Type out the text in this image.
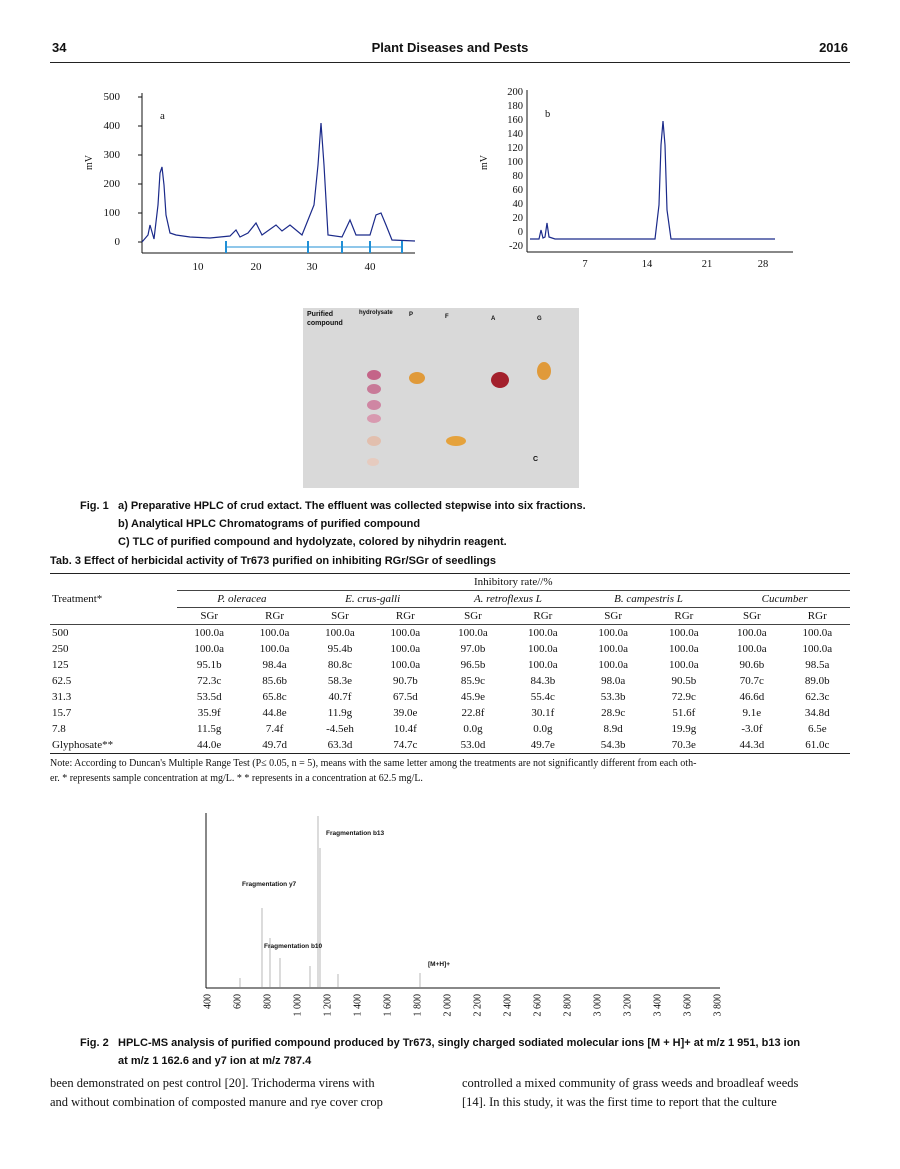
34	Plant Diseases and Pests	2016
500
400
300
200
100
0
10	20	30	40
a
mV
200
180
160
140
120
100
80
60
40
20
0
-20
7	14	21	28
b
mV
Purified compound
hydrolysate	P	F	A	G
C
Fig. 1 a) Preparative HPLC of crud extact. The effluent was collected stepwise into six fractions.
b) Analytical HPLC Chromatograms of purified compound
C) TLC of purified compound and hydolyzate, colored by nihydrin reagent.
Tab. 3 Effect of herbicidal activity of Tr673 purified on inhibiting RGr/SGr of seedlings
Treatment*	Inhibitory rate//%									
	P. oleracea		E. crus-galli		A. retroflexus L		B. campestris L		Cucumber	
	SGr	RGr	SGr	RGr	SGr	RGr	SGr	RGr	SGr	RGr
500	100.0a	100.0a	100.0a	100.0a	100.0a	100.0a	100.0a	100.0a	100.0a	100.0a
250	100.0a	100.0a	95.4b	100.0a	97.0b	100.0a	100.0a	100.0a	100.0a	100.0a
125	95.1b	98.4a	80.8c	100.0a	96.5b	100.0a	100.0a	100.0a	90.6b	98.5a
62.5	72.3c	85.6b	58.3e	90.7b	85.9c	84.3b	98.0a	90.5b	70.7c	89.0b
31.3	53.5d	65.8c	40.7f	67.5d	45.9e	55.4c	53.3b	72.9c	46.6d	62.3c
15.7	35.9f	44.8e	11.9g	39.0e	22.8f	30.1f	28.9c	51.6f	9.1e	34.8d
7.8	11.5g	7.4f	-4.5eh	10.4f	0.0g	0.0g	8.9d	19.9g	-3.0f	6.5e
Glyphosate**	44.0e	49.7d	63.3d	74.7c	53.0d	49.7e	54.3b	70.3e	44.3d	61.0c
Note: According to Duncan's Multiple Range Test (P≤ 0.05, n = 5), means with the same letter among the treatments are not significantly different from each oth-
er. * represents sample concentration at mg/L. * * represents in a concentration at 62.5 mg/L.
Fragmentation b13
Fragmentation y7
Fragmentation b10
[M+H]+
400 600 800 1 000 1 200 1 400 1 600 1 800 2 000 2 200 2 400 2 600 2 800 3 000 3 200 3 400 3 600 3 800
Fig. 2 HPLC-MS analysis of purified compound produced by Tr673, singly charged sodiated molecular ions [M + H]+ at m/z 1 951, b13 ion
at m/z 1 162.6 and y7 ion at m/z 787.4
been demonstrated on pest control [20]. Trichoderma virens with
and without combination of composted manure and rye cover crop
controlled a mixed community of grass weeds and broadleaf weeds
[14]. In this study, it was the first time to report that the culture
